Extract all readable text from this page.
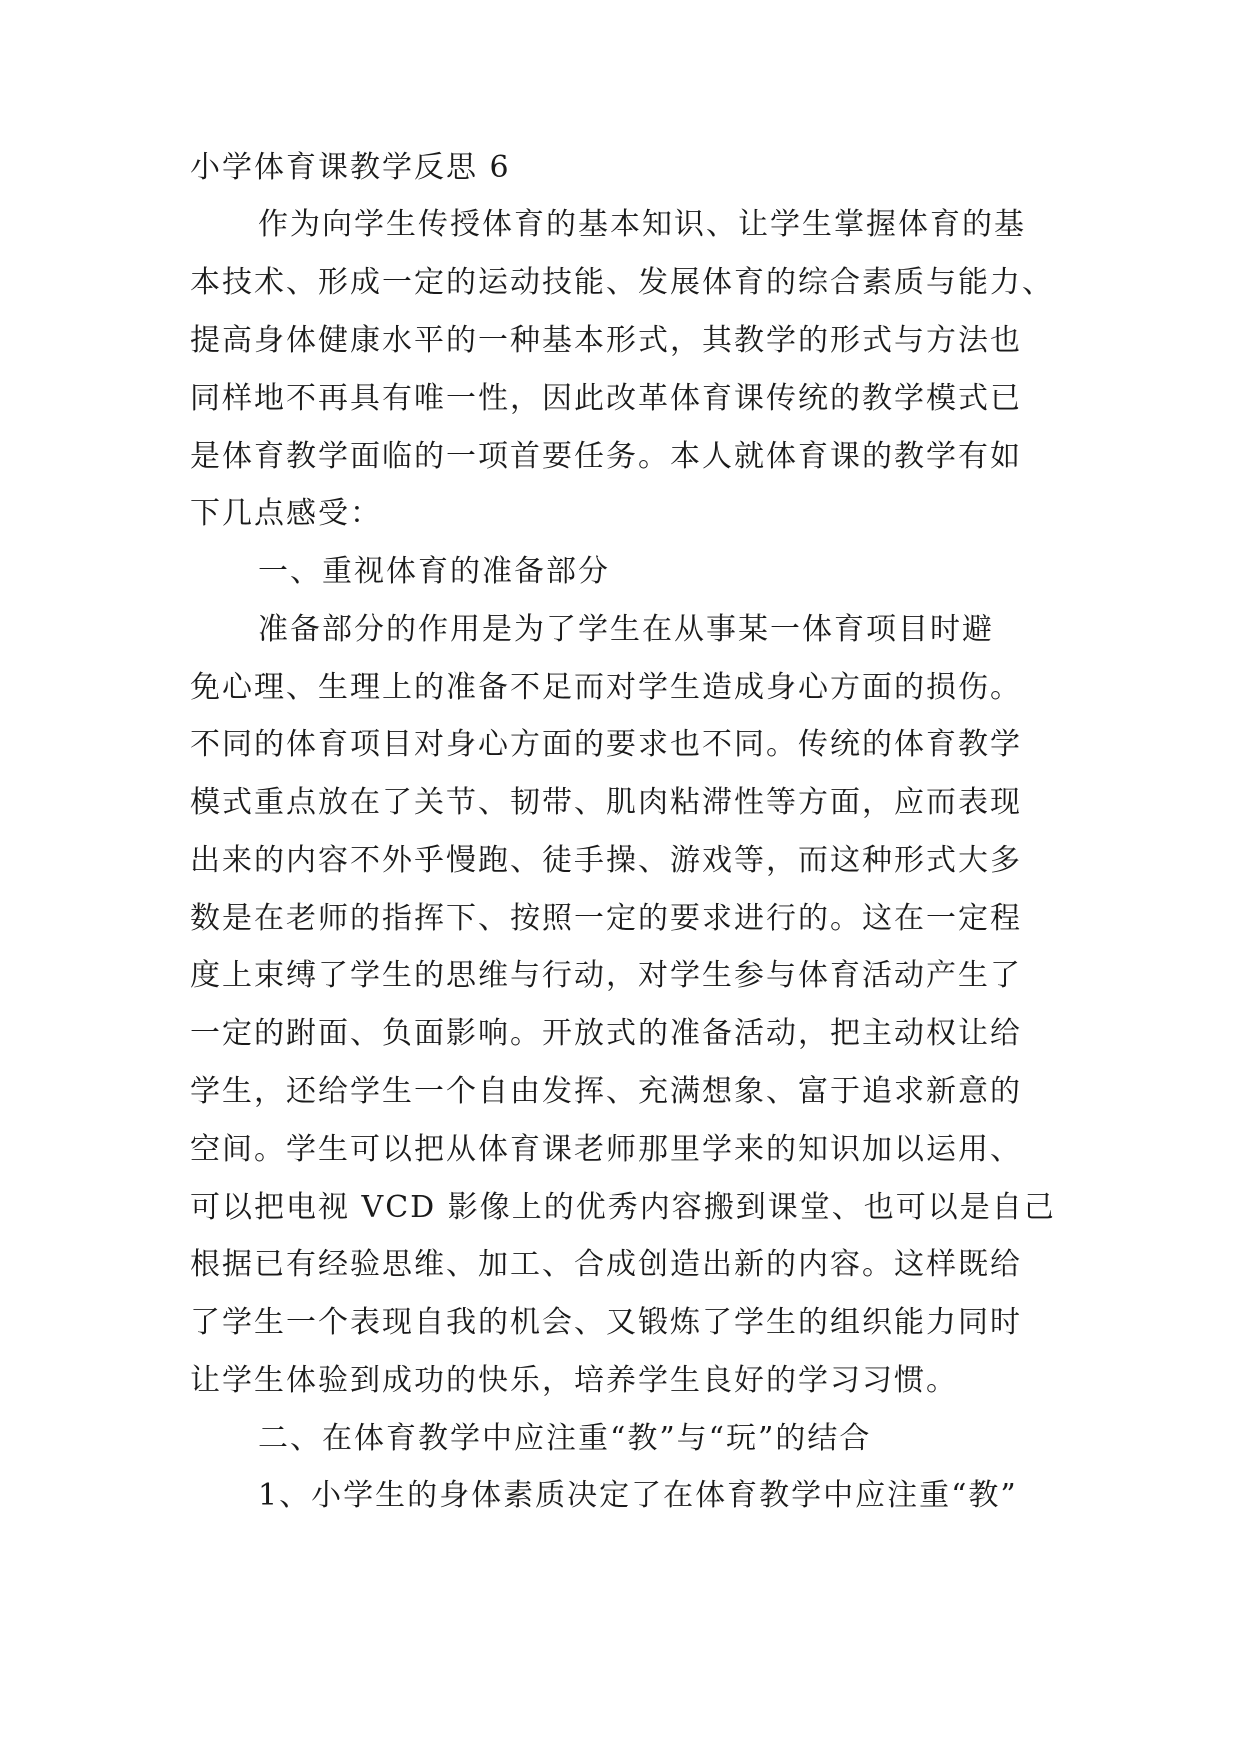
小学体育课教学反思 6
作为向学生传授体育的基本知识、让学生掌握体育的基
本技术、形成一定的运动技能、发展体育的综合素质与能力、
提高身体健康水平的一种基本形式，其教学的形式与方法也
同样地不再具有唯一性，因此改革体育课传统的教学模式已
是体育教学面临的一项首要任务。本人就体育课的教学有如
下几点感受：
一、重视体育的准备部分
准备部分的作用是为了学生在从事某一体育项目时避
免心理、生理上的准备不足而对学生造成身心方面的损伤。
不同的体育项目对身心方面的要求也不同。传统的体育教学
模式重点放在了关节、韧带、肌肉粘滞性等方面，应而表现
出来的内容不外乎慢跑、徒手操、游戏等，而这种形式大多
数是在老师的指挥下、按照一定的要求进行的。这在一定程
度上束缚了学生的思维与行动，对学生参与体育活动产生了
一定的跗面、负面影响。开放式的准备活动，把主动权让给
学生，还给学生一个自由发挥、充满想象、富于追求新意的
空间。学生可以把从体育课老师那里学来的知识加以运用、
可以把电视 VCD 影像上的优秀内容搬到课堂、也可以是自己
根据已有经验思维、加工、合成创造出新的内容。这样既给
了学生一个表现自我的机会、又锻炼了学生的组织能力同时
让学生体验到成功的快乐，培养学生良好的学习习惯。
二、在体育教学中应注重“教”与“玩”的结合
1、小学生的身体素质决定了在体育教学中应注重“教”
